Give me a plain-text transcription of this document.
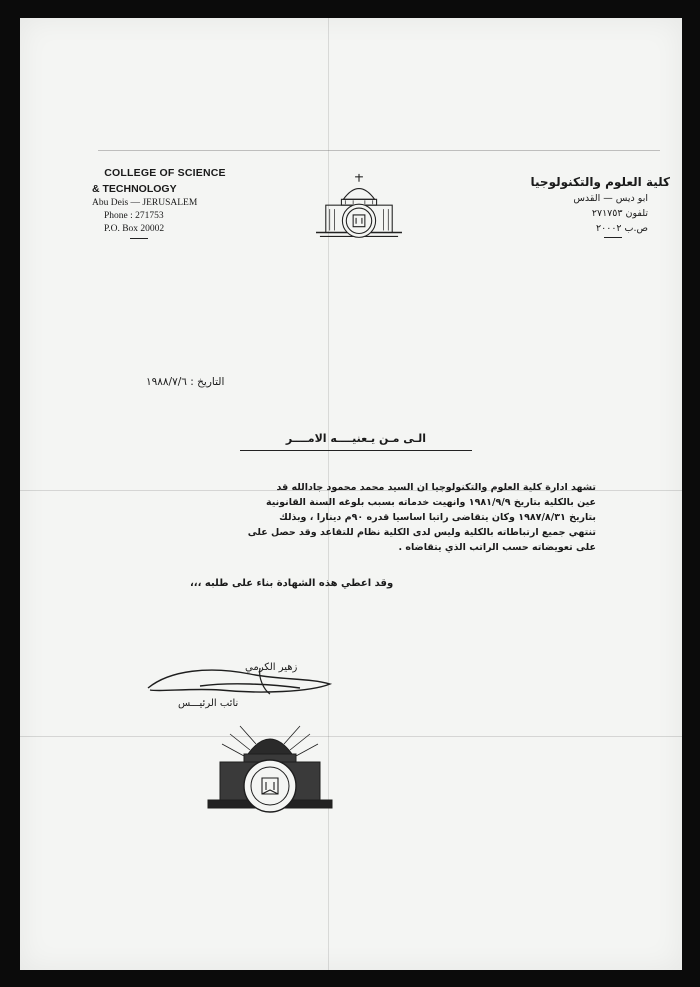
COLLEGE OF SCIENCE
& TECHNOLOGY
Abu Deis — JERUSALEM
Phone : 271753
P.O. Box 20002
كلية العلوم والتكنولوجيا
ابو ديس — القدس
تلفون ٢٧١٧٥٣
ص.ب ٢٠٠٠٢
التاريخ : ١٩٨٨/٧/٦
الـى مـن يـعنيــــه الامــــر
تشهد ادارة كلية العلوم والتكنولوجيا ان السيد محمد محمود جادالله قد
عين بالكلية بتاريخ ١٩٨١/٩/٩ وانهيت خدماته بسبب بلوغه السنة القانونية
بتاريخ ١٩٨٧/٨/٣١ وكان يتقاضى راتبا اساسيا قدره ٩٠م دينارا ، وبذلك
تنتهي جميع ارتباطاته بالكلية وليس لدى الكلية نظام للتقاعد وقد حصل على
على تعويضاته حسب الراتب الذي يتقاضاه .
وقد اعطي هذه الشهادة بناء على طلبه ،،،
زهير الكرمي
نائب الرئيـــس
